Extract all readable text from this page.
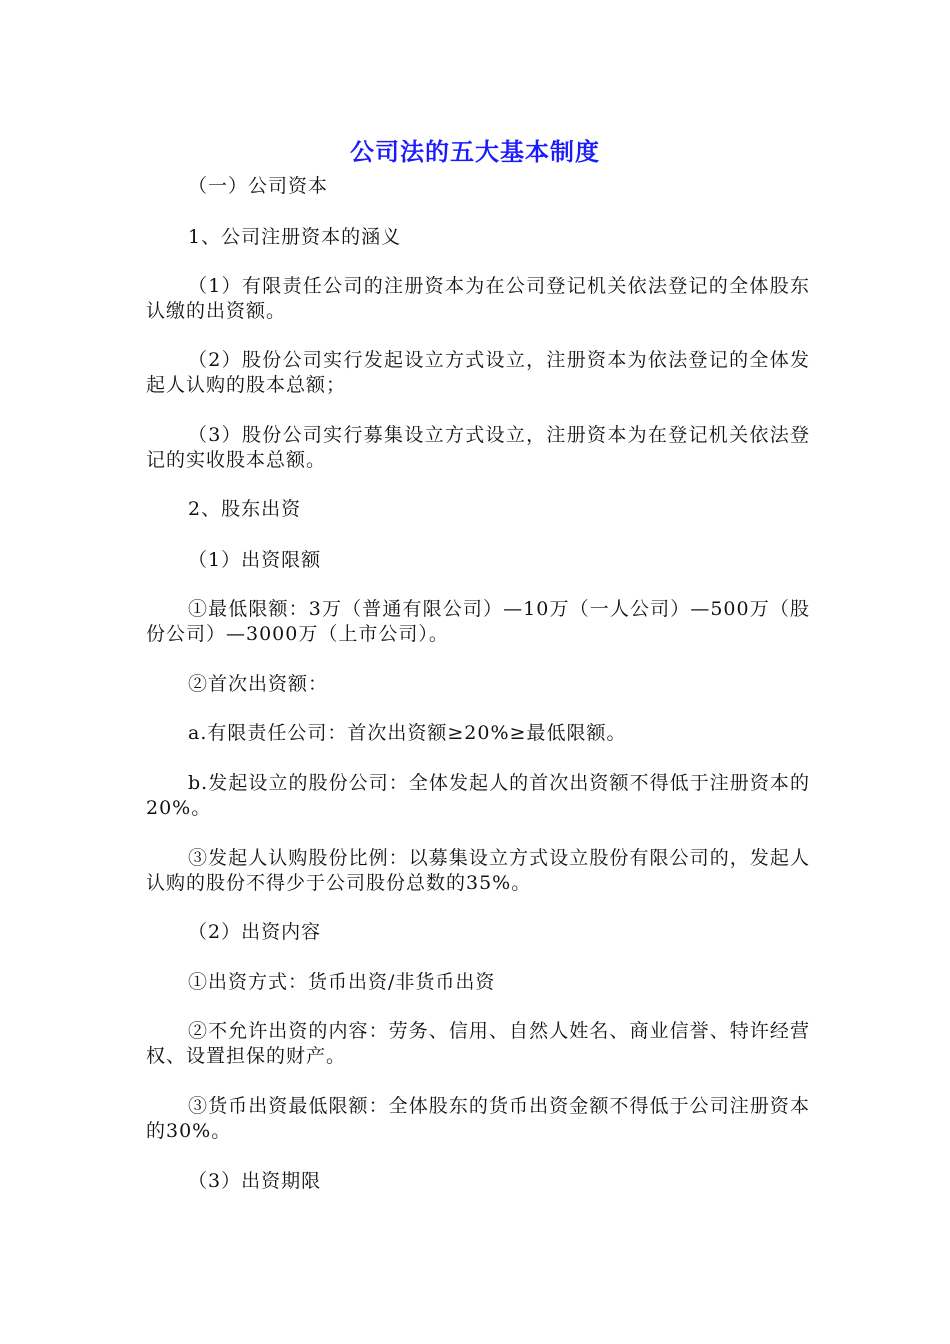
公司法的五大基本制度
（一）公司资本
1、公司注册资本的涵义
（1）有限责任公司的注册资本为在公司登记机关依法登记的全体股东认缴的出资额。
（2）股份公司实行发起设立方式设立，注册资本为依法登记的全体发起人认购的股本总额；
（3）股份公司实行募集设立方式设立，注册资本为在登记机关依法登记的实收股本总额。
2、股东出资
（1）出资限额
①最低限额：3万（普通有限公司）—10万（一人公司）—500万（股份公司）—3000万（上市公司）。
②首次出资额：
a.有限责任公司：首次出资额≥20%≥最低限额。
b.发起设立的股份公司：全体发起人的首次出资额不得低于注册资本的20%。
③发起人认购股份比例：以募集设立方式设立股份有限公司的，发起人认购的股份不得少于公司股份总数的35%。
（2）出资内容
①出资方式：货币出资/非货币出资
②不允许出资的内容：劳务、信用、自然人姓名、商业信誉、特许经营权、设置担保的财产。
③货币出资最低限额：全体股东的货币出资金额不得低于公司注册资本的30%。
（3）出资期限
